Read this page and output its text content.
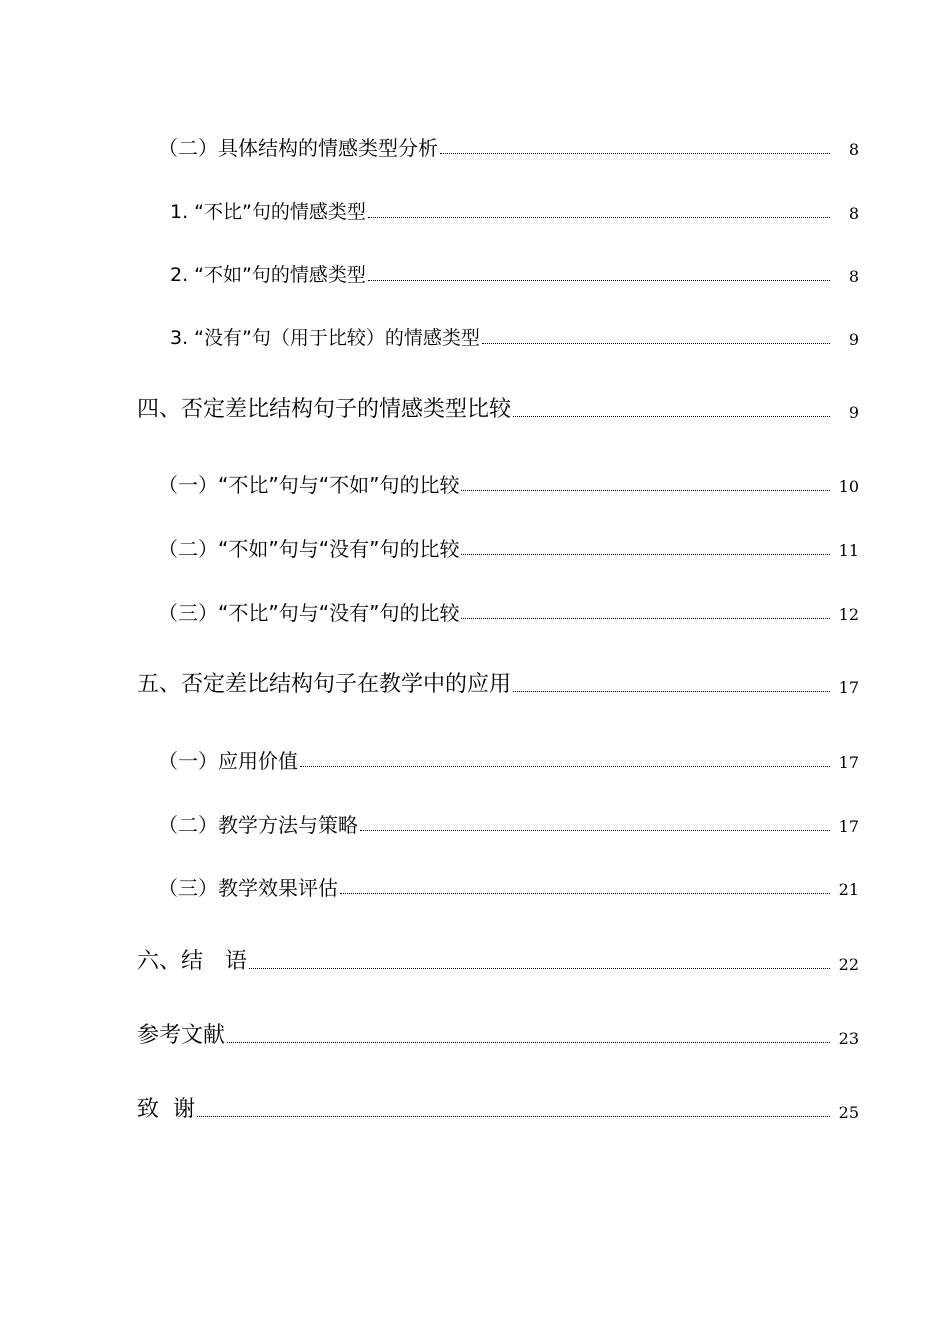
（二）具体结构的情感类型分析	8
1. “不比”句的情感类型	8
2. “不如”句的情感类型	8
3. “没有”句（用于比较）的情感类型	9
四、否定差比结构句子的情感类型比较	9
（一）“不比”句与“不如”句的比较	10
（二）“不如”句与“没有”句的比较	11
（三）“不比”句与“没有”句的比较	12
五、否定差比结构句子在教学中的应用	17
（一）应用价值	17
（二）教学方法与策略	17
（三）教学效果评估	21
六、结　语	22
参考文献	23
致  谢	25
